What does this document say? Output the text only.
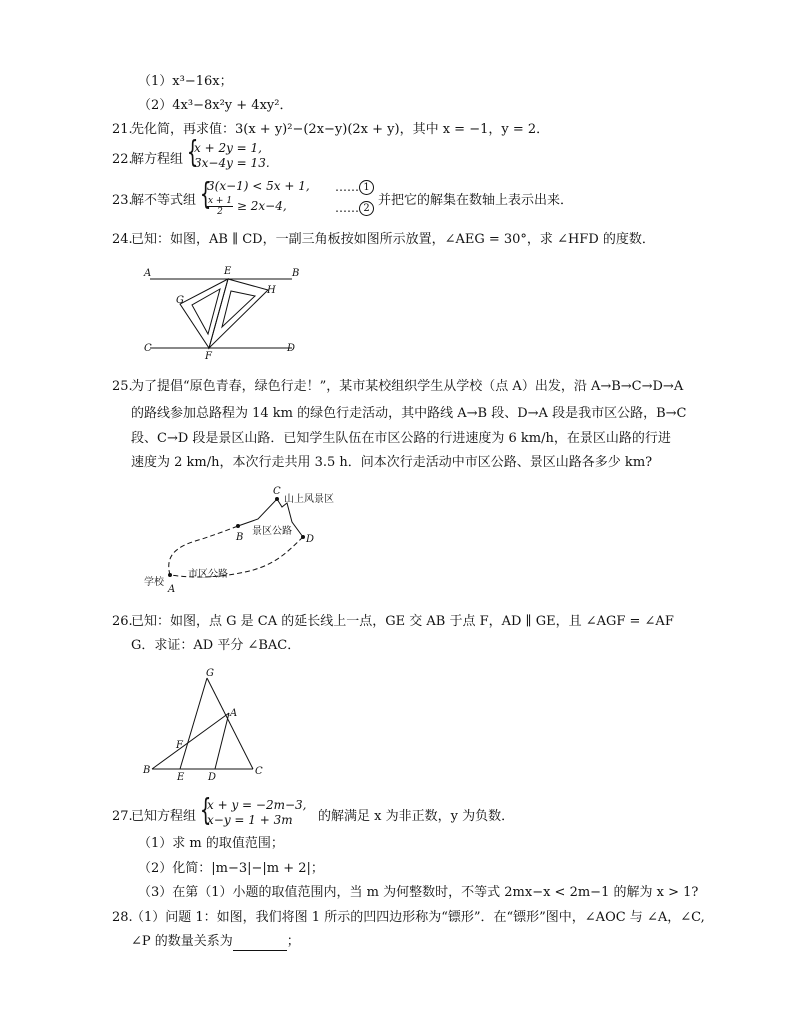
（1）x³−16x；
（2）4x³−8x²y + 4xy²．
21.
先化简，再求值：3(x + y)²−(2x−y)(2x + y)，其中 x = −1，y = 2．
22.
解方程组 {
x + 2y = 1,
3x−4y = 13.
23.
解不等式组 {
3(x−1) < 5x + 1,
$\frac{x + 1}{2} \ge 2x-4$,
…… 1
…… 2
并把它的解集在数轴上表示出来．
24.
已知：如图，AB ∥ CD，一副三角板按如图所示放置，∠AEG = 30°，求 ∠HFD 的度数．
A	E	B
G
H
C
F
D
25.
为了提倡“原色青春，绿色行走！”，某市某校组织学生从学校（点 A）出发，沿 A→B→C→D→A
的路线参加总路程为 14 km 的绿色行走活动，其中路线 A→B 段、D→A 段是我市区公路，B→C
段、C→D 段是景区山路．已知学生队伍在市区公路的行进速度为 6 km/h，在景区山路的行进
速度为 2 km/h，本次行走共用 3.5 h．问本次行走活动中市区公路、景区山路各多少 km?
C
山上风景区
B
景区公路
D
学校
A
市区公路
26.
已知：如图，点 G 是 CA 的延长线上一点，GE 交 AB 于点 F，AD ∥ GE，且 ∠AGF = ∠AF
G．求证：AD 平分 ∠BAC．
G
A
F
B
E D
C
27.
已知方程组 {
x + y = −2m−3,
x−y = 1 + 3m 的解满足 x 为非正数，y 为负数．
（1）求 m 的取值范围；
（2）化简：|m−3|−|m + 2|；
（3）在第（1）小题的取值范围内，当 m 为何整数时，不等式 2mx−x < 2m−1 的解为 x > 1?
28.
（1）问题 1：如图，我们将图 1 所示的凹四边形称为“镖形”．在“镖形”图中，∠AOC 与 ∠A，∠C,
∠P 的数量关系为	；
